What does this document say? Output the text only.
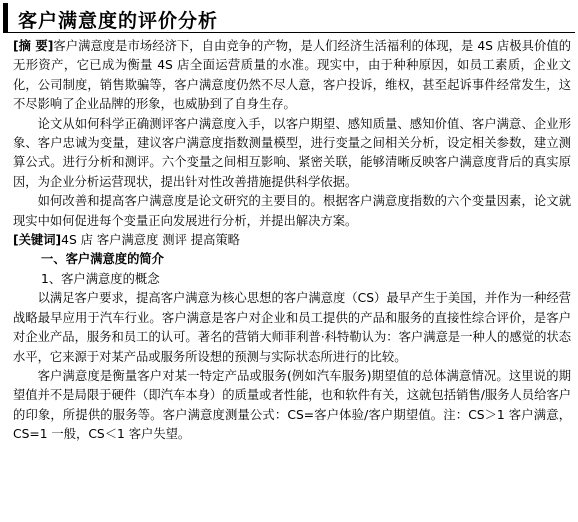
客户满意度的评价分析

[摘 要]客户满意度是市场经济下，自由竞争的产物，是人们经济生活福利的体现，是 4S 店极具价值的无形资产，它已成为衡量 4S 店全面运营质量的水准。现实中，由于种种原因，如员工素质，企业文化，公司制度，销售欺骗等，客户满意度仍然不尽人意，客户投诉，维权，甚至起诉事件经常发生，这不尽影响了企业品牌的形象，也威胁到了自身生存。

论文从如何科学正确测评客户满意度入手，以客户期望、感知质量、感知价值、客户满意、企业形象、客户忠诚为变量，建议客户满意度指数测量模型，进行变量之间相关分析，设定相关参数，建立测算公式。进行分析和测评。六个变量之间相互影响、紧密关联，能够清晰反映客户满意度背后的真实原因，为企业分析运营现状，提出针对性改善措施提供科学依据。

如何改善和提高客户满意度是论文研究的主要目的。根据客户满意度指数的六个变量因素，论文就现实中如何促进每个变量正向发展进行分析，并提出解决方案。

[关键词]4S 店 客户满意度 测评 提高策略

一、客户满意度的简介

1、客户满意度的概念

以满足客户要求，提高客户满意为核心思想的客户满意度（CS）最早产生于美国，并作为一种经营战略最早应用于汽车行业。客户满意是客户对企业和员工提供的产品和服务的直接性综合评价，是客户对企业产品，服务和员工的认可。著名的营销大师菲利普·科特勒认为：客户满意是一种人的感觉的状态水平，它来源于对某产品或服务所设想的预测与实际状态所进行的比较。

客户满意度是衡量客户对某一特定产品或服务(例如汽车服务)期望值的总体满意情况。这里说的期望值并不是局限于硬件（即汽车本身）的质量或者性能，也和软件有关，这就包括销售/服务人员给客户的印象，所提供的服务等。客户满意度测量公式：CS=客户体验/客户期望值。注：CS＞1 客户满意，CS=1 一般，CS＜1 客户失望。
